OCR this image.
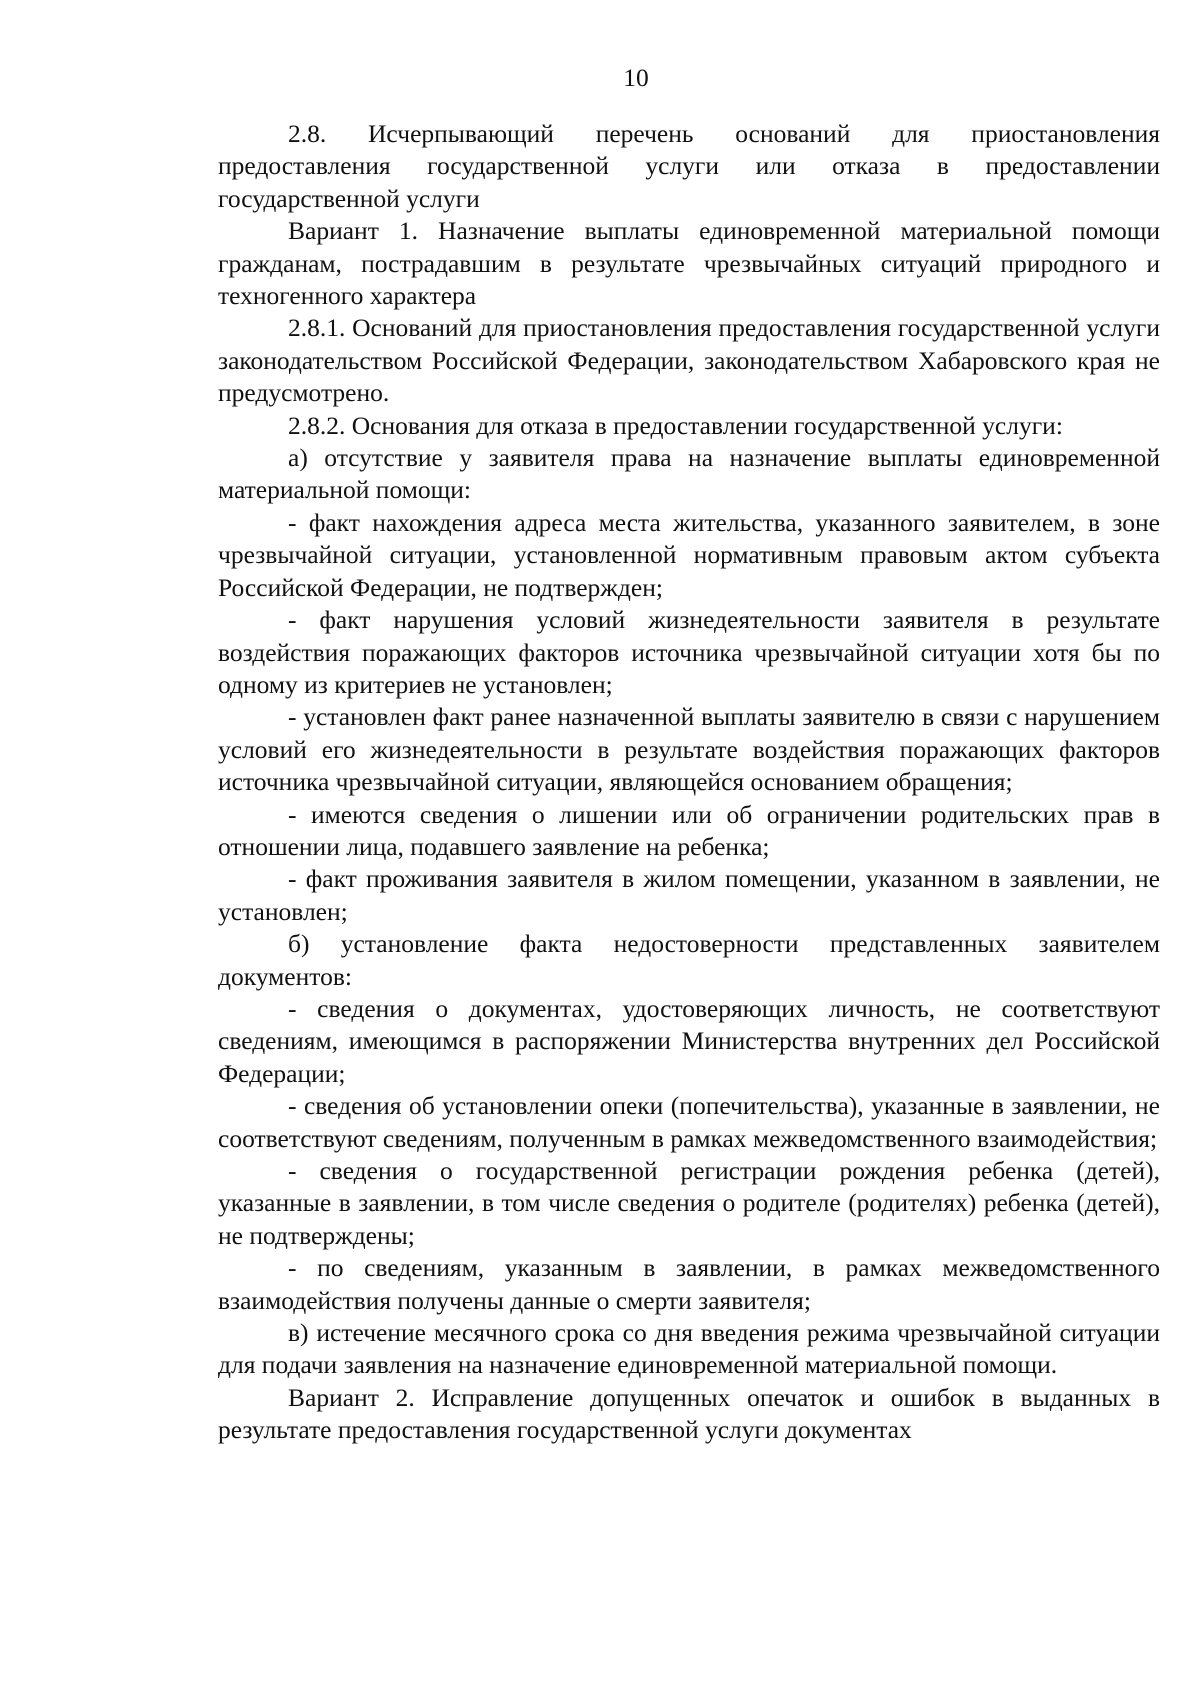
10

2.8. Исчерпывающий перечень оснований для приостановления предоставления государственной услуги или отказа в предоставлении государственной услуги

Вариант 1. Назначение выплаты единовременной материальной помощи гражданам, пострадавшим в результате чрезвычайных ситуаций природного и техногенного характера

2.8.1. Оснований для приостановления предоставления государственной услуги законодательством Российской Федерации, законодательством Хабаровского края не предусмотрено.

2.8.2. Основания для отказа в предоставлении государственной услуги:

а) отсутствие у заявителя права на назначение выплаты единовременной материальной помощи:

- факт нахождения адреса места жительства, указанного заявителем, в зоне чрезвычайной ситуации, установленной нормативным правовым актом субъекта Российской Федерации, не подтвержден;

- факт нарушения условий жизнедеятельности заявителя в результате воздействия поражающих факторов источника чрезвычайной ситуации хотя бы по одному из критериев не установлен;

- установлен факт ранее назначенной выплаты заявителю в связи с нарушением условий его жизнедеятельности в результате воздействия поражающих факторов источника чрезвычайной ситуации, являющейся основанием обращения;

- имеются сведения о лишении или об ограничении родительских прав в отношении лица, подавшего заявление на ребенка;

- факт проживания заявителя в жилом помещении, указанном в заявлении, не установлен;

б) установление факта недостоверности представленных заявителем документов:

- сведения о документах, удостоверяющих личность, не соответствуют сведениям, имеющимся в распоряжении Министерства внутренних дел Российской Федерации;

- сведения об установлении опеки (попечительства), указанные в заявлении, не соответствуют сведениям, полученным в рамках межведомственного взаимодействия;

- сведения о государственной регистрации рождения ребенка (детей), указанные в заявлении, в том числе сведения о родителе (родителях) ребенка (детей), не подтверждены;

- по сведениям, указанным в заявлении, в рамках межведомственного взаимодействия получены данные о смерти заявителя;

в) истечение месячного срока со дня введения режима чрезвычайной ситуации для подачи заявления на назначение единовременной материальной помощи.

Вариант 2. Исправление допущенных опечаток и ошибок в выданных в результате предоставления государственной услуги документах
